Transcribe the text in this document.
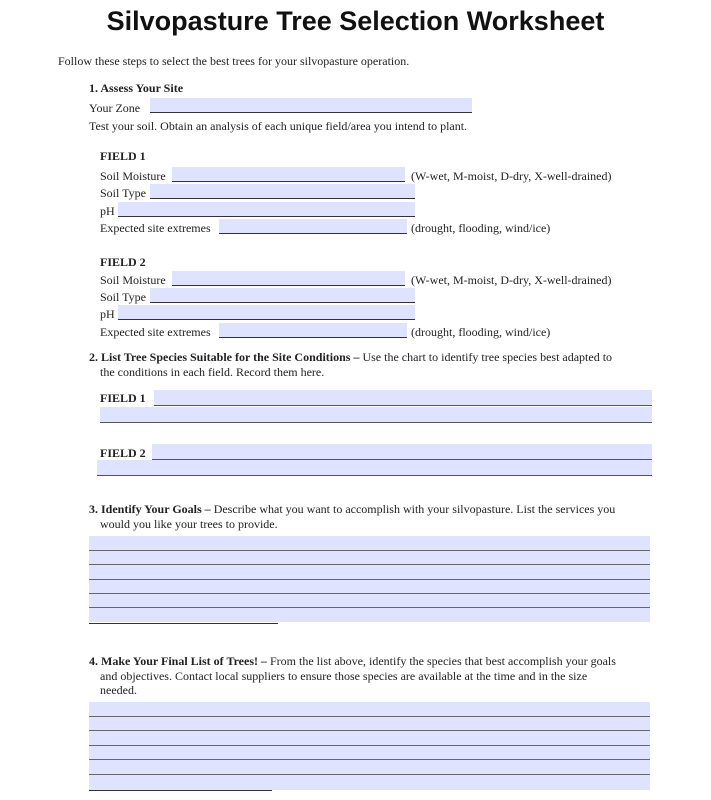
Silvopasture Tree Selection Worksheet
Follow these steps to select the best trees for your silvopasture operation.
1. Assess Your Site
Your Zone
Test your soil. Obtain an analysis of each unique field/area you intend to plant.
FIELD 1
Soil Moisture	(W-wet, M-moist, D-dry, X-well-drained)
Soil Type
pH
Expected site extremes	(drought, flooding, wind/ice)
FIELD 2
Soil Moisture	(W-wet, M-moist, D-dry, X-well-drained)
Soil Type
pH
Expected site extremes	(drought, flooding, wind/ice)
2. List Tree Species Suitable for the Site Conditions – Use the chart to identify tree species best adapted to
the conditions in each field. Record them here.
FIELD 1
FIELD 2
3. Identify Your Goals – Describe what you want to accomplish with your silvopasture. List the services you
would you like your trees to provide.
4. Make Your Final List of Trees! – From the list above, identify the species that best accomplish your goals
and objectives. Contact local suppliers to ensure those species are available at the time and in the size
needed.
